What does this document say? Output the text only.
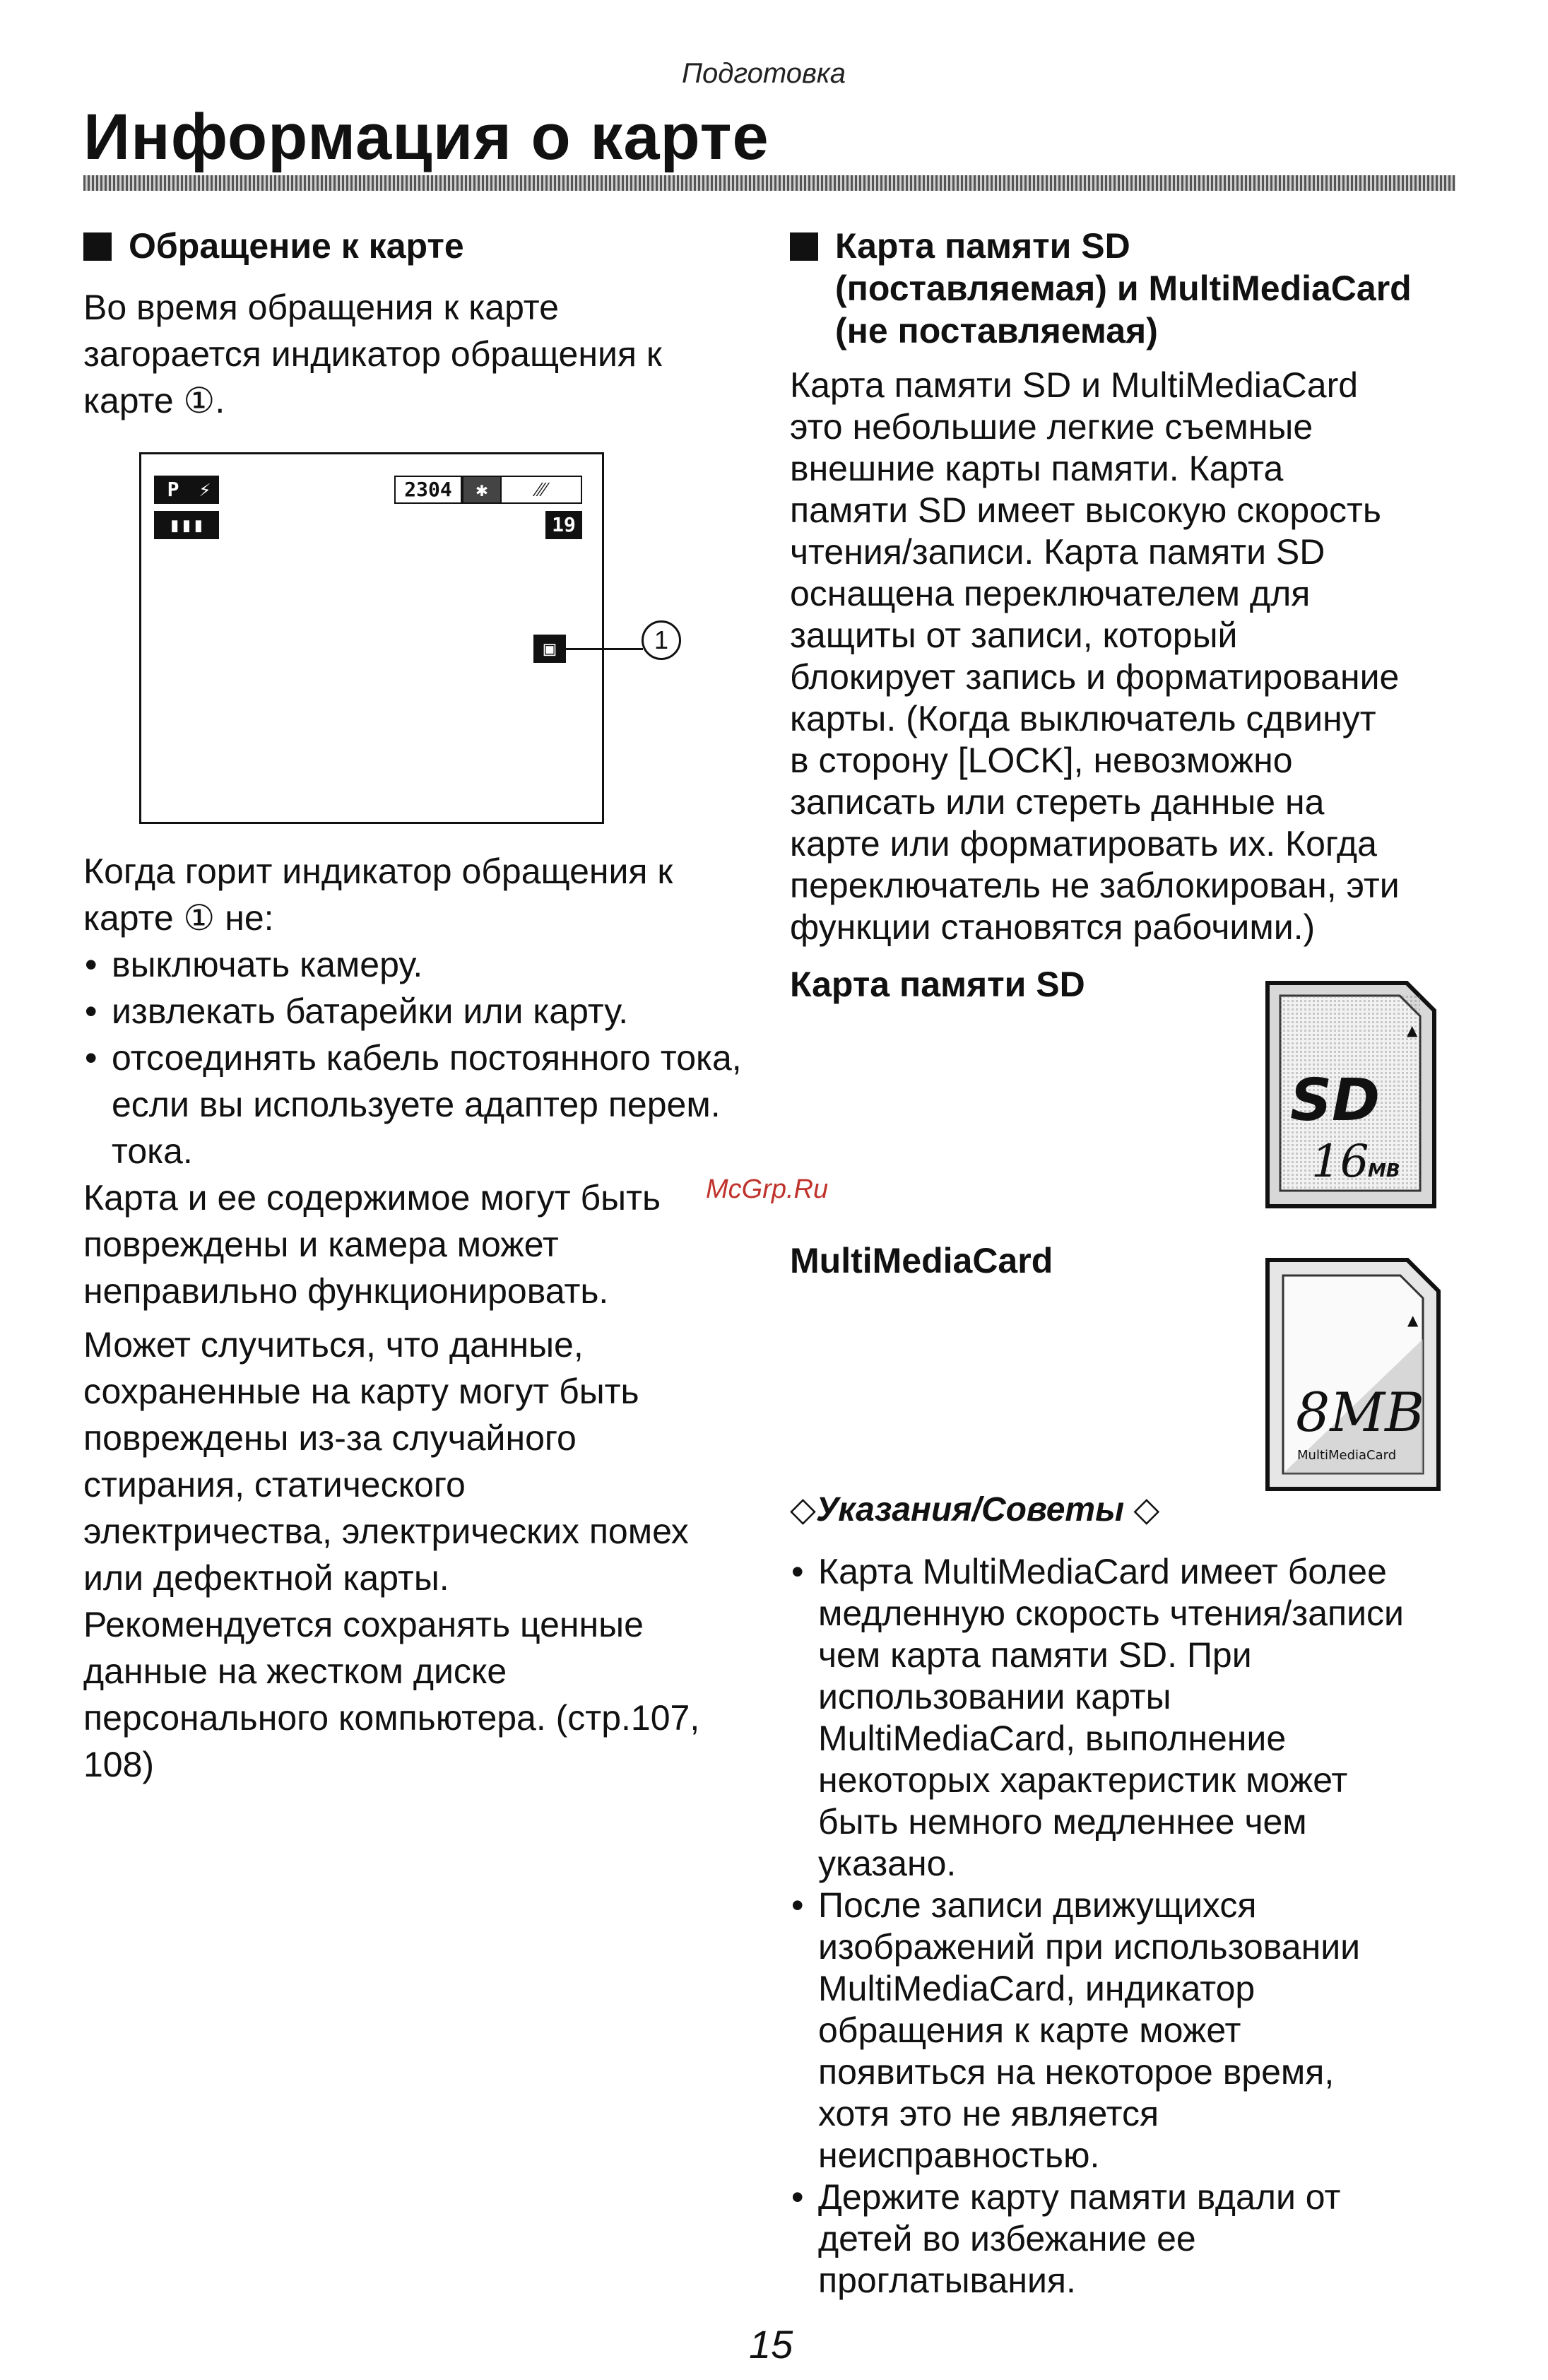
Подготовка
Информация о карте
Обращение к карте
Во время обращения к карте
загорается индикатор обращения к
карте ①.
P	⚡
▮▮▮
2304	✱	⁄⁄⁄
19
▣	1
Когда горит индикатор обращения к
карте ① не:
• выключать камеру.
• извлекать батарейки или карту.
• отсоединять кабель постоянного тока, если вы используете адаптер перем. тока.
Карта и ее содержимое могут быть
повреждены и камера может
неправильно функционировать.
Может случиться, что данные,
сохраненные на карту могут быть
повреждены из-за случайного
стирания, статического
электричества, электрических помех
или дефектной карты.
Рекомендуется сохранять ценные
данные на жестком диске
персонального компьютера. (стр.107,
108)
McGrp.Ru
Карта памяти SD
(поставляемая) и MultiMediaCard
(не поставляемая)
Карта памяти SD и MultiMediaCard
это небольшие легкие съемные
внешние карты памяти. Карта
памяти SD имеет высокую скорость
чтения/записи. Карта памяти SD
оснащена переключателем для
защиты от записи, который
блокирует запись и форматирование
карты. (Когда выключатель сдвинут
в сторону [LOCK], невозможно
записать или стереть данные на
карте или форматировать их. Когда
переключатель не заблокирован, эти
функции становятся рабочими.)
Карта памяти SD
▲
SD
16
MB
MultiMediaCard
▲
8MB
MultiMediaCard
◇Указания/Советы ◇
• Карта MultiMediaCard имеет более
медленную скорость чтения/записи
чем карта памяти SD. При
использовании карты
MultiMediaCard, выполнение
некоторых характеристик может
быть немного медленнее чем
указано.
• После записи движущихся
изображений при использовании
MultiMediaCard, индикатор
обращения к карте может
появиться на некоторое время,
хотя это не является
неисправностью.
• Держите карту памяти вдали от
детей во избежание ее
проглатывания.
15
